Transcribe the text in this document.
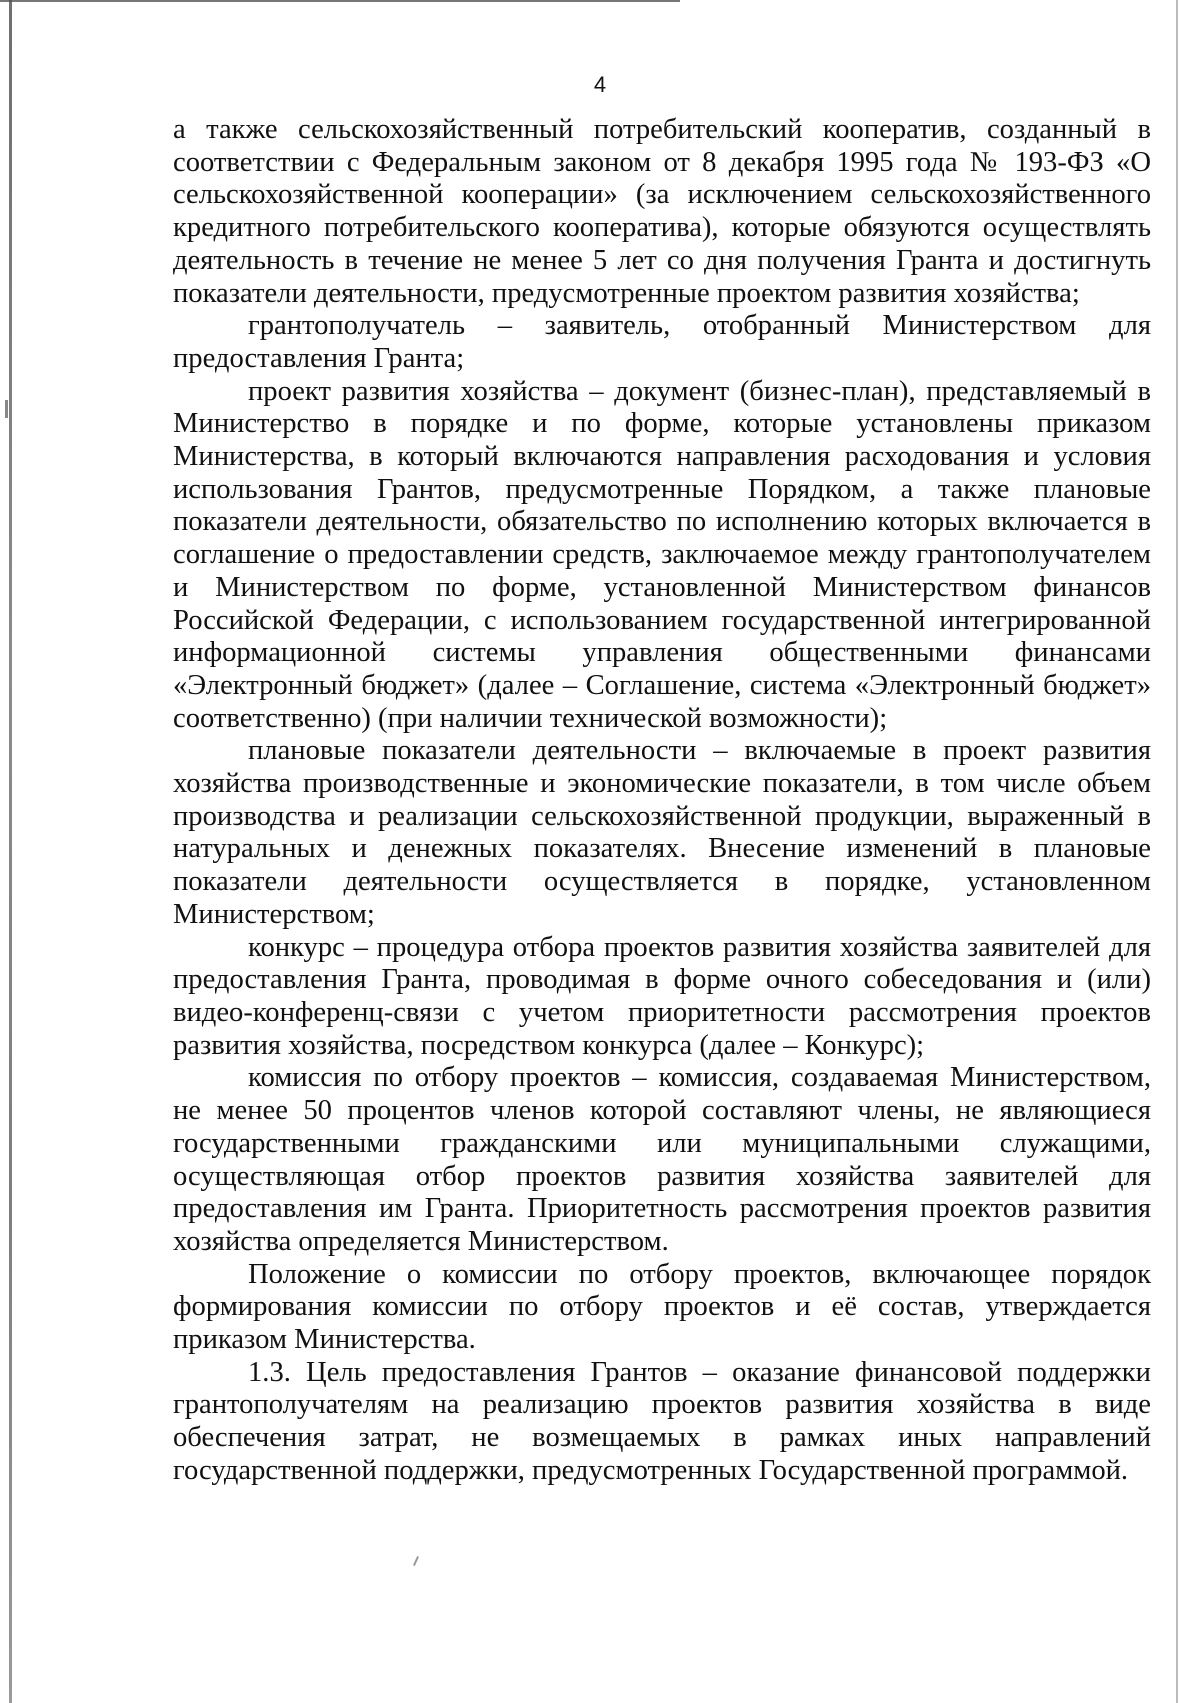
4

а также сельскохозяйственный потребительский кооператив, созданный в соответствии с Федеральным законом от 8 декабря 1995 года № 193-ФЗ «О сельскохозяйственной кооперации» (за исключением сельскохозяйственного кредитного потребительского кооператива), которые обязуются осуществлять деятельность в течение не менее 5 лет со дня получения Гранта и достигнуть показатели деятельности, предусмотренные проектом развития хозяйства;

грантополучатель – заявитель, отобранный Министерством для предоставления Гранта;

проект развития хозяйства – документ (бизнес-план), представляемый в Министерство в порядке и по форме, которые установлены приказом Министерства, в который включаются направления расходования и условия использования Грантов, предусмотренные Порядком, а также плановые показатели деятельности, обязательство по исполнению которых включается в соглашение о предоставлении средств, заключаемое между грантополучателем и Министерством по форме, установленной Министерством финансов Российской Федерации, с использованием государственной интегрированной информационной системы управления общественными финансами «Электронный бюджет» (далее – Соглашение, система «Электронный бюджет» соответственно) (при наличии технической возможности);

плановые показатели деятельности – включаемые в проект развития хозяйства производственные и экономические показатели, в том числе объем производства и реализации сельскохозяйственной продукции, выраженный в натуральных и денежных показателях. Внесение изменений в плановые показатели деятельности осуществляется в порядке, установленном Министерством;

конкурс – процедура отбора проектов развития хозяйства заявителей для предоставления Гранта, проводимая в форме очного собеседования и (или) видео-конференц-связи с учетом приоритетности рассмотрения проектов развития хозяйства, посредством конкурса (далее – Конкурс);

комиссия по отбору проектов – комиссия, создаваемая Министерством, не менее 50 процентов членов которой составляют члены, не являющиеся государственными гражданскими или муниципальными служащими, осуществляющая отбор проектов развития хозяйства заявителей для предоставления им Гранта. Приоритетность рассмотрения проектов развития хозяйства определяется Министерством.

Положение о комиссии по отбору проектов, включающее порядок формирования комиссии по отбору проектов и её состав, утверждается приказом Министерства.

1.3. Цель предоставления Грантов – оказание финансовой поддержки грантополучателям на реализацию проектов развития хозяйства в виде обеспечения затрат, не возмещаемых в рамках иных направлений государственной поддержки, предусмотренных Государственной программой.
